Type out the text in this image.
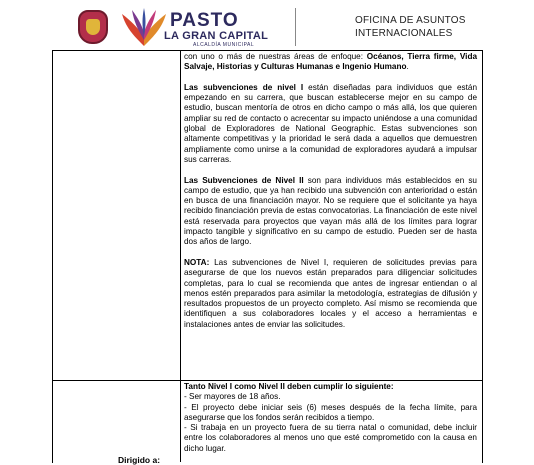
PASTO
LA GRAN CAPITAL
ALCALDÍA MUNICIPAL
OFICINA DE ASUNTOS
INTERNACIONALES

con uno o más de nuestras áreas de enfoque: Océanos, Tierra firme, Vida Salvaje, Historias y Culturas Humanas e Ingenio Humano.

Las subvenciones de nivel I están diseñadas para individuos que están empezando en su carrera, que buscan establecerse mejor en su campo de estudio, buscan mentoría de otros en dicho campo o más allá, los que quieren ampliar su red de contacto o acrecentar su impacto uniéndose a una comunidad global de Exploradores de National Geographic. Estas subvenciones son altamente competitivas y la prioridad le será dada a aquellos que demuestren ampliamente como unirse a la comunidad de exploradores ayudará a impulsar sus carreras.

Las Subvenciones de Nivel II son para individuos más establecidos en su campo de estudio, que ya han recibido una subvención con anterioridad o están en busca de una financiación mayor. No se requiere que el solicitante ya haya recibido financiación previa de estas convocatorias. La financiación de este nivel está reservada para proyectos que vayan más allá de los límites para lograr impacto tangible y significativo en su campo de estudio. Pueden ser de hasta dos años de largo.

NOTA: Las subvenciones de Nivel I, requieren de solicitudes previas para asegurarse de que los nuevos están preparados para diligenciar solicitudes completas, para lo cual se recomienda que antes de ingresar entiendan o al menos estén preparados para asimilar la metodología, estrategias de difusión y resultados propuestos de un proyecto completo. Así mismo se recomienda que identifiquen a sus colaboradores locales y el acceso a herramientas e instalaciones antes de enviar las solicitudes.

Tanto Nivel I como Nivel II deben cumplir lo siguiente:

- Ser mayores de 18 años.

- El proyecto debe iniciar seis (6) meses después de la fecha límite, para asegurarse que los fondos serán recibidos a tiempo.

- Si trabaja en un proyecto fuera de su tierra natal o comunidad, debe incluir entre los colaboradores al menos uno que esté comprometido con la causa en dicho lugar.

Dirigido a:
